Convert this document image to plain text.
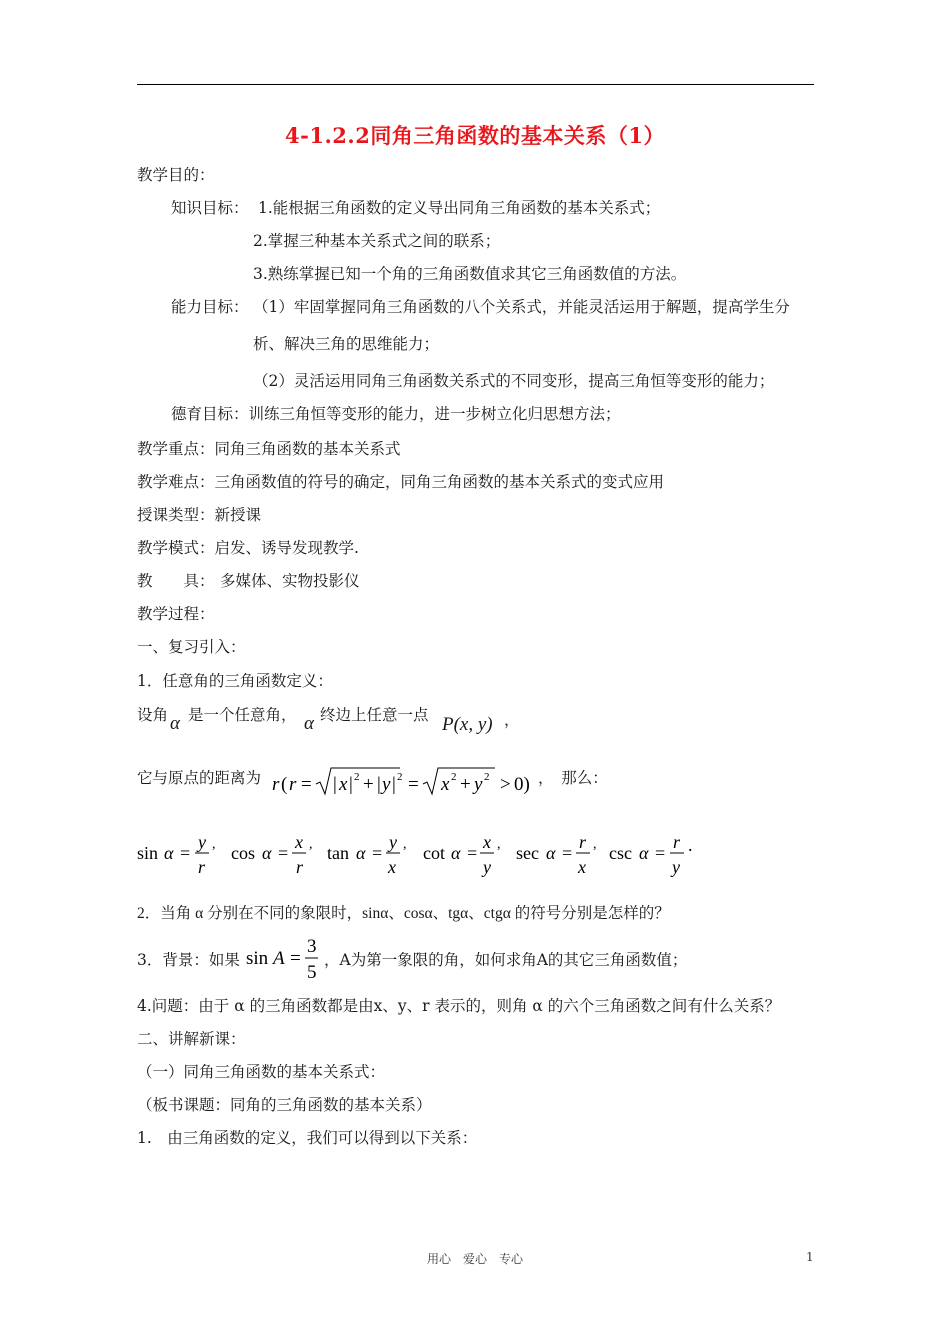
4-1.2.2同角三角函数的基本关系（1）
教学目的：
知识目标： 1.能根据三角函数的定义导出同角三角函数的基本关系式；
2.掌握三种基本关系式之间的联系；
3.熟练掌握已知一个角的三角函数值求其它三角函数值的方法。
能力目标： （1）牢固掌握同角三角函数的八个关系式，并能灵活运用于解题，提高学生分
析、解决三角的思维能力；
（2）灵活运用同角三角函数关系式的不同变形，提高三角恒等变形的能力；
德育目标：训练三角恒等变形的能力，进一步树立化归思想方法；
教学重点：同角三角函数的基本关系式
教学难点：三角函数值的符号的确定，同角三角函数的基本关系式的变式应用
授课类型：新授课
教学模式：启发、诱导发现教学.
教　　具： 多媒体、实物投影仪
教学过程：
一、复习引入：
1．任意角的三角函数定义：
设角 α 是一个任意角， α 终边上任意一点 P(x, y) ，
它与原点的距离为 r ( r = | x | 2 + | y | 2 = x 2 + y 2 > 0) ，　那么：
sin α =
y
r
, cos α =
x
r
, tan α =
y
x
, cot α =
x
y
, sec α =
r
x
, csc α =
r
y
.
2．当角 α 分别在不同的象限时，sinα、cosα、tgα、ctgα 的符号分别是怎样的？
3．背景：如果 sin A =
3
5
，A为第一象限的角，如何求角A的其它三角函数值；
4.问题：由于 α 的三角函数都是由x、y、r 表示的，则角 α 的六个三角函数之间有什么关系？
二、讲解新课：
（一）同角三角函数的基本关系式：
（板书课题：同角的三角函数的基本关系）
1.　由三角函数的定义，我们可以得到以下关系：
用心　爱心　专心	1
